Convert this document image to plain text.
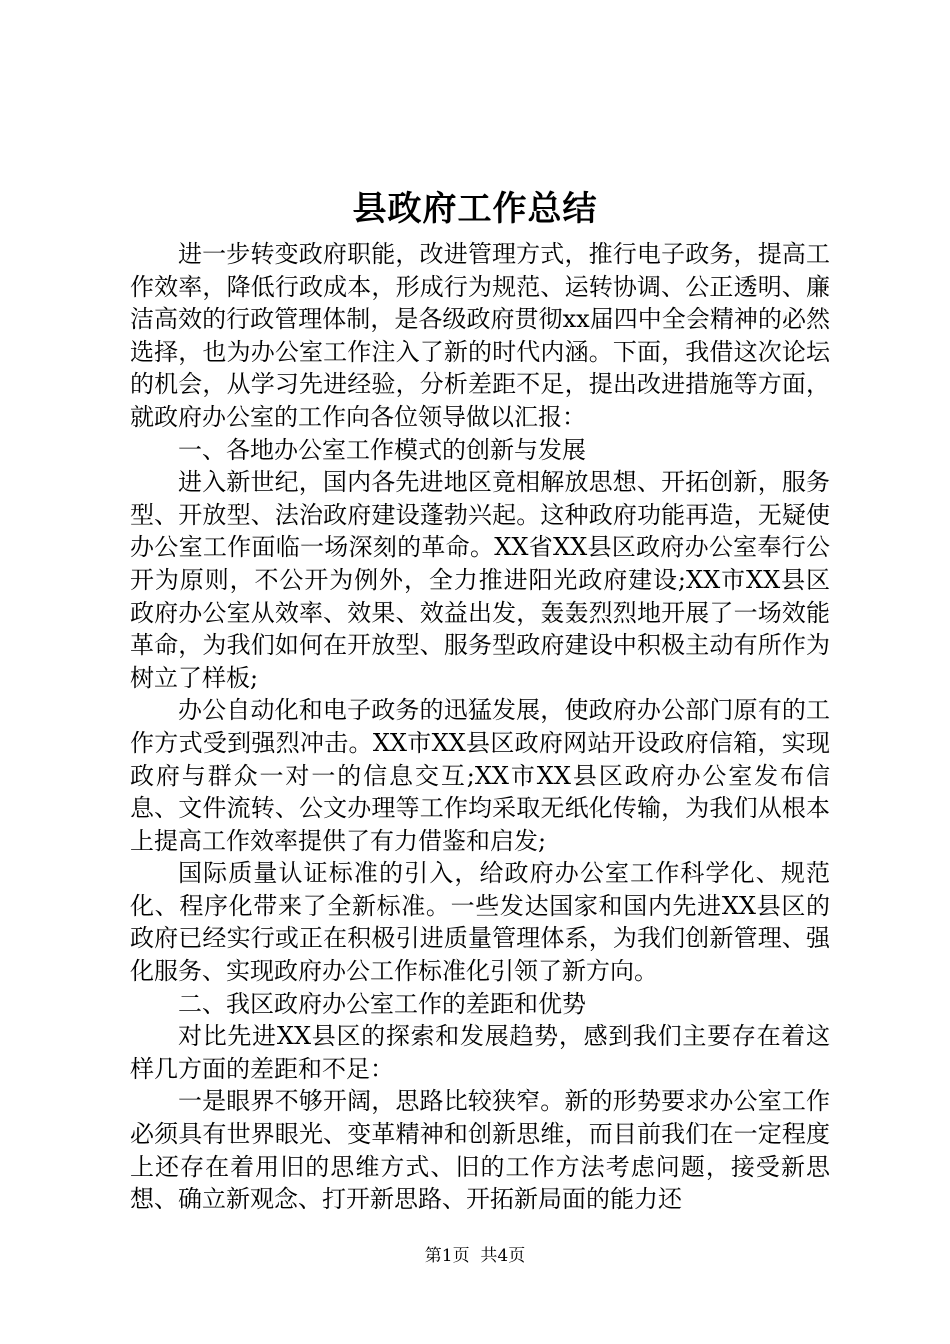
县政府工作总结

进一步转变政府职能，改进管理方式，推行电子政务，提高工作效率，降低行政成本，形成行为规范、运转协调、公正透明、廉洁高效的行政管理体制，是各级政府贯彻xx届四中全会精神的必然选择，也为办公室工作注入了新的时代内涵。下面，我借这次论坛的机会，从学习先进经验，分析差距不足，提出改进措施等方面，就政府办公室的工作向各位领导做以汇报：

一、各地办公室工作模式的创新与发展

进入新世纪，国内各先进地区竟相解放思想、开拓创新，服务型、开放型、法治政府建设蓬勃兴起。这种政府功能再造，无疑使办公室工作面临一场深刻的革命。XX省XX县区政府办公室奉行公开为原则，不公开为例外，全力推进阳光政府建设;XX市XX县区政府办公室从效率、效果、效益出发，轰轰烈烈地开展了一场效能革命，为我们如何在开放型、服务型政府建设中积极主动有所作为树立了样板;

办公自动化和电子政务的迅猛发展，使政府办公部门原有的工作方式受到强烈冲击。XX市XX县区政府网站开设政府信箱，实现政府与群众一对一的信息交互;XX市XX县区政府办公室发布信息、文件流转、公文办理等工作均采取无纸化传输，为我们从根本上提高工作效率提供了有力借鉴和启发;

国际质量认证标准的引入，给政府办公室工作科学化、规范化、程序化带来了全新标准。一些发达国家和国内先进XX县区的政府已经实行或正在积极引进质量管理体系，为我们创新管理、强化服务、实现政府办公工作标准化引领了新方向。

二、我区政府办公室工作的差距和优势

对比先进XX县区的探索和发展趋势，感到我们主要存在着这样几方面的差距和不足：

一是眼界不够开阔，思路比较狭窄。新的形势要求办公室工作必须具有世界眼光、变革精神和创新思维，而目前我们在一定程度上还存在着用旧的思维方式、旧的工作方法考虑问题，接受新思想、确立新观念、打开新思路、开拓新局面的能力还

第1页 共4页
